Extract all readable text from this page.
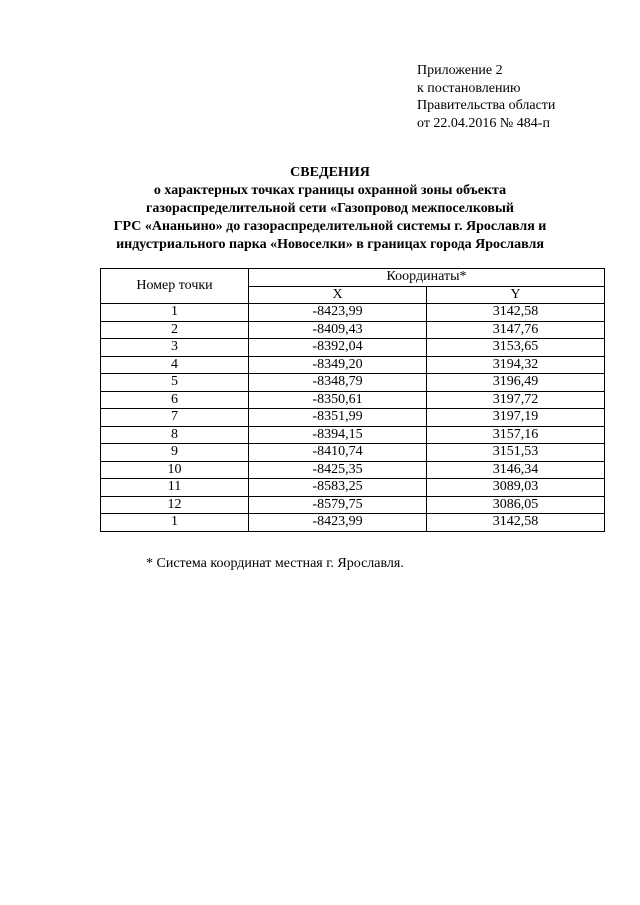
Приложение 2
к постановлению
Правительства области
от 22.04.2016 № 484-п
СВЕДЕНИЯ
о характерных точках границы охранной зоны объекта
газораспределительной сети «Газопровод межпоселковый
ГРС «Ананьино» до газораспределительной системы г. Ярославля и
индустриального парка «Новоселки» в границах города Ярославля
Номер точки	Координаты*	
	X	Y
1	-8423,99	3142,58
2	-8409,43	3147,76
3	-8392,04	3153,65
4	-8349,20	3194,32
5	-8348,79	3196,49
6	-8350,61	3197,72
7	-8351,99	3197,19
8	-8394,15	3157,16
9	-8410,74	3151,53
10	-8425,35	3146,34
11	-8583,25	3089,03
12	-8579,75	3086,05
1	-8423,99	3142,58
* Система координат местная г. Ярославля.
